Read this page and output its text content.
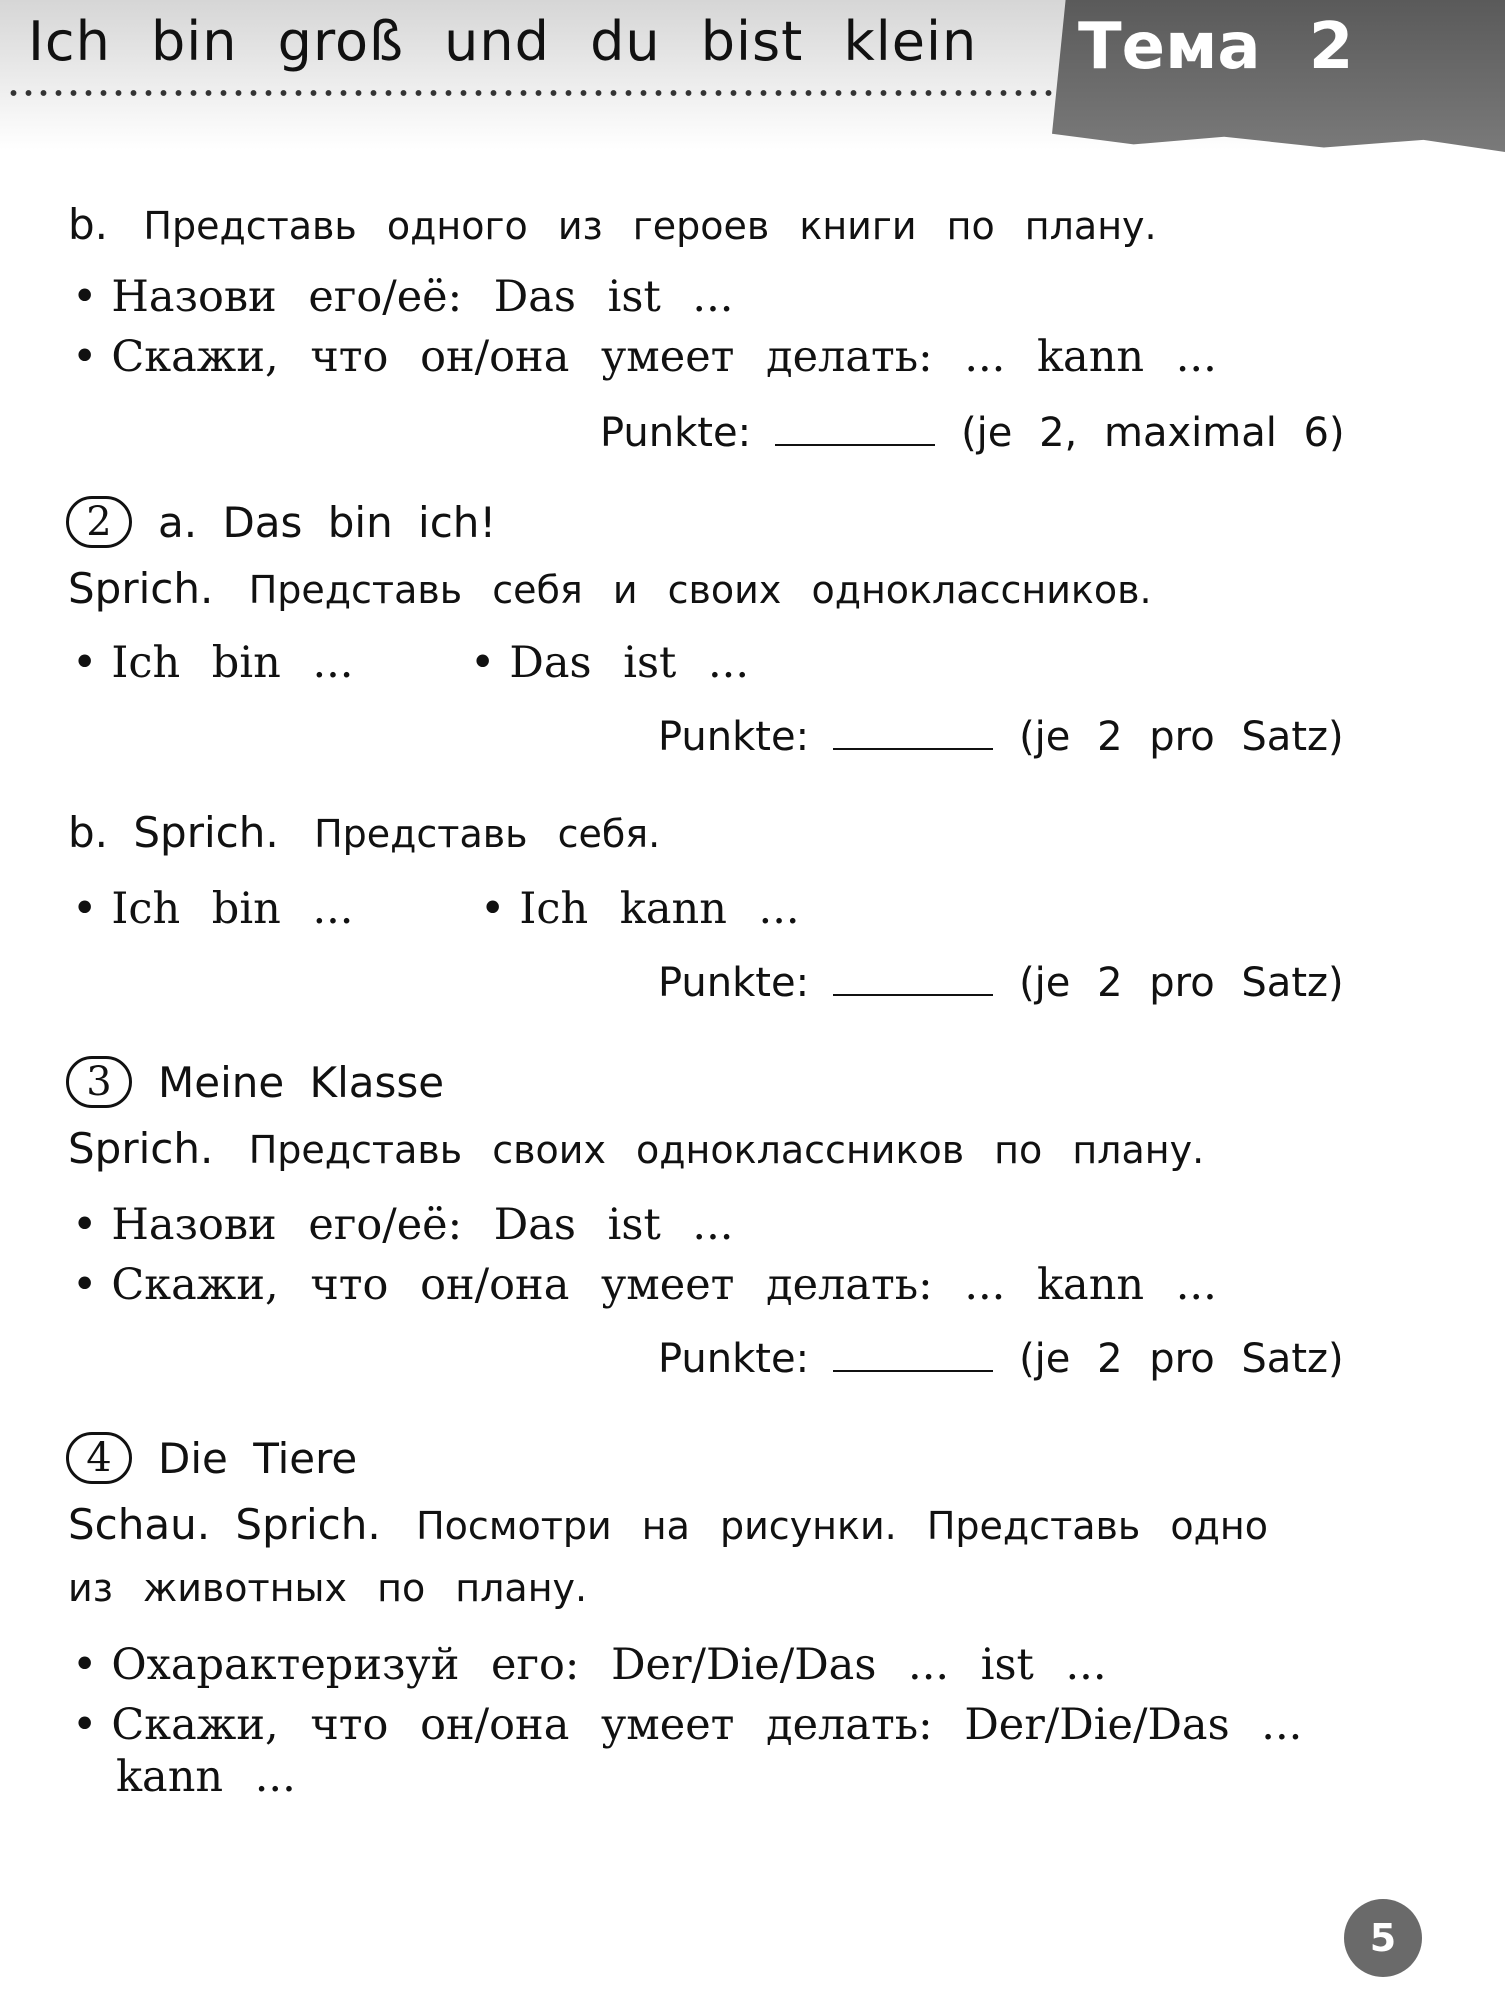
Ich bin groß und du bist klein Тема 2
b. Представь одного из героев книги по плану.
• Назови его/её: Das ist ...
• Скажи, что он/она умеет делать: ... kann ...
Punkte:	(je 2, maximal 6)
2 a. Das bin ich!
Sprich. Представь себя и своих одноклассников.
• Ich bin ...	• Das ist ...
Punkte:	(je 2 pro Satz)
b. Sprich. Представь себя.
• Ich bin ...	• Ich kann ...
Punkte:	(je 2 pro Satz)
3 Meine Klasse
Sprich. Представь своих одноклассников по плану.
• Назови его/её: Das ist ...
• Скажи, что он/она умеет делать: ... kann ...
Punkte:	(je 2 pro Satz)
4 Die Tiere
Schau. Sprich. Посмотри на рисунки. Представь одно
из животных по плану.
• Охарактеризуй его: Der/Die/Das ... ist ...
• Скажи, что он/она умеет делать: Der/Die/Das ...
kann ...
5
